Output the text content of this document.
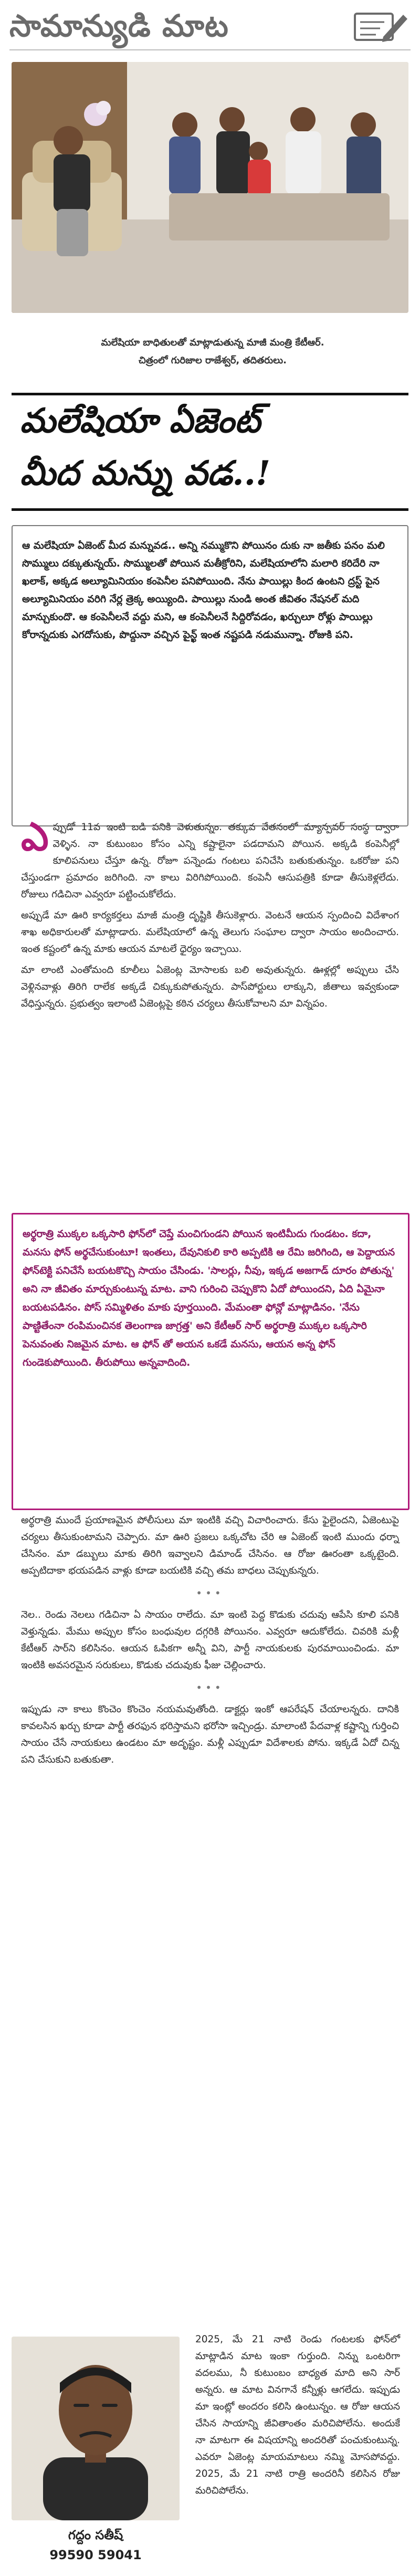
సామాన్యుడి మాట
మలేషియా బాధితులతో మాట్లాడుతున్న మాజీ మంత్రి కేటీఆర్.
చిత్రంలో గురిజాల రాజేశ్వర్, తదితరులు.
మలేషియా ఏజెంట్
మీద మన్ను వడ..!

ఆ మలేషియా ఏజెంట్ మీద మన్నువడ.. అన్ని నమ్ముకొని పోయినం దుకు నా జతీకు పనం మలి సొమ్ములు దక్కుతున్నయ్. సొమ్ములతో పోయిన మతీక్రోరిని, మలేషియాలోని మలారి కరిదేరి నా ఖలాక్, అక్కడ అల్యూమినియం కంపెనీల పనిపోయింది. నేను పాయిల్లు కింద ఉంటని ద్రస్ట్ పైన అల్యూమినియం వరిగి నేర్ల త్రెక్క అయ్యింది. పాయిల్లు నుండి అంత జీవితం నేషనల్ మది మాన్చుకుందొ. ఆ కంపెనీలనే వద్దు మని, ఆ కంపెనీలనే సిద్దిరోవడం, ఖర్చులూ రోళ్లు పాయిల్లు కోరాన్నదుకు ఎగదోసుకు, పొద్దునా వచ్చిన పైన్ఖ్ ఇంత నష్టపడి నడుమున్నా. రోజుకి పని.

ఎ ప్పుడో 11వ ఇంటి బడి పనికి వెళుతున్నం. తక్కువ వేతనంలో మ్యాన్పవర్ సంస్థ ద్వారా వెళ్ళిన. నా కుటుంబం కోసం ఎన్ని కష్టాలైనా పడదామని పోయిన. అక్కడి కంపెనీల్లో కూలిపనులు చేస్తూ ఉన్న. రోజూ పన్నెండు గంటలు పనిచేసి బతుకుతున్నం. ఒకరోజు పని చేస్తుండగా ప్రమాదం జరిగింది. నా కాలు విరిగిపోయింది. కంపెనీ ఆసుపత్రికి కూడా తీసుకెళ్లలేదు. రోజులు గడిచినా ఎవ్వరూ పట్టించుకోలేదు.

అప్పుడే మా ఊరి కార్యకర్తలు మాజీ మంత్రి దృష్టికి తీసుకెళ్లారు. వెంటనే ఆయన స్పందించి విదేశాంగ శాఖ అధికారులతో మాట్లాడారు. మలేషియాలో ఉన్న తెలుగు సంఘాల ద్వారా సాయం అందించారు. ఇంత కష్టంలో ఉన్న మాకు ఆయన మాటలే ధైర్యం ఇచ్చాయి.

మా లాంటి ఎంతోమంది కూలీలు ఏజెంట్ల మోసాలకు బలి అవుతున్నరు. ఊళ్లల్లో అప్పులు చేసి వెళ్లినవాళ్లు తిరిగి రాలేక అక్కడే చిక్కుకుపోతున్నరు. పాస్‌పోర్టులు లాక్కుని, జీతాలు ఇవ్వకుండా వేధిస్తున్నరు. ప్రభుత్వం ఇలాంటి ఏజెంట్లపై కఠిన చర్యలు తీసుకోవాలని మా విన్నపం.

అర్థరాత్రి ముక్కల ఒక్కసారి ఫోన్‌లో చెప్తే మంచిగుండని పోయిన ఇంటిమీదు గుండటం. కదా, మనసు ఫోన్ అర్థచేసుకుంటూ! ఇంతలు, దేవునికులి కారి అప్పటికి ఆ రేమి జరిగింది, ఆ పెద్దాయన ఫోన్‌టెక్టి పనిచేసే బయటకొచ్చి సాయం చేసిండు. 'సాలర్లు, నీవు, ఇక్కడ అజగాడ్ దూరం పోతున్న' అని నా జీవితం మార్చుకుంటున్న మాట. వాని గురించి చెప్పుకొని ఏదో పోయిందని, ఏది ఏమైనా బయటపడినం. పోస్‌ సమ్మిళితం మాకు పూర్తయింది. మేమంతా ఫోన్లో మాట్లాడినం. 'నేను పాణ్టితేంనా రంపిమంచినక తెలంగాణ జాగ్రత్త' అని కేటీఆర్ సార్ అర్థరాత్రి ముక్కల ఒక్కసారి పెనువంతు నిజమైన మాట. ఆ ఫోన్ తో అయన ఒకడే మనసు, ఆయన అన్న ఫోన్ గుండెకుపోయింది. తీరుపోయి అన్నవాదింది.

అర్థరాత్రి ముందే ప్రయాణమైన పోలీసులు మా ఇంటికి వచ్చి విచారించారు. కేసు ఫైలైందని, ఏజెంటుపై చర్యలు తీసుకుంటామని చెప్పారు. మా ఊరి ప్రజలు ఒక్కచోట చేరి ఆ ఏజెంట్ ఇంటి ముందు ధర్నా చేసినం. మా డబ్బులు మాకు తిరిగి ఇవ్వాలని డిమాండ్ చేసినం. ఆ రోజు ఊరంతా ఒక్కటైంది. అప్పటిదాకా భయపడిన వాళ్లు కూడా బయటికి వచ్చి తమ బాధలు చెప్పుకున్నరు.

•••

నెల.. రెండు నెలలు గడిచినా ఏ సాయం రాలేదు. మా ఇంటి పెద్ద కొడుకు చదువు ఆపేసి కూలి పనికి వెళ్తున్నడు. మేము అప్పుల కోసం బంధువుల దగ్గరికి పోయినం. ఎవ్వరూ ఆదుకోలేదు. చివరికి మళ్లీ కేటీఆర్ సార్‌ని కలిసినం. ఆయన ఓపికగా అన్నీ విని, పార్టీ నాయకులకు పురమాయించిండు. మా ఇంటికి అవసరమైన సరుకులు, కొడుకు చదువుకు ఫీజు చెల్లించారు.

•••

ఇప్పుడు నా కాలు కొంచెం కొంచెం నయమవుతోంది. డాక్టర్లు ఇంకో ఆపరేషన్ చేయాలన్నరు. దానికి కావలసిన ఖర్చు కూడా పార్టీ తరఫున భరిస్తామని భరోసా ఇచ్చిండ్రు. మాలాంటి పేదవాళ్ల కష్టాన్ని గుర్తించి సాయం చేసే నాయకులు ఉండటం మా అదృష్టం. మళ్లీ ఎప్పుడూ విదేశాలకు పోను. ఇక్కడే ఏదో చిన్న పని చేసుకుని బతుకుతా.

గద్దం సతీష్
99590 59041
2025, మే 21 నాటి రెండు గంటలకు ఫోన్‌లో మాట్లాడిన మాట ఇంకా గుర్తుంది. నిన్ను ఒంటరిగా వదలము, నీ కుటుంబం బాధ్యత మాది అని సార్ అన్నరు. ఆ మాట వినగానే కన్నీళ్లు ఆగలేదు. ఇప్పుడు మా ఇంట్లో అందరం కలిసి ఉంటున్నం. ఆ రోజు ఆయన చేసిన సాయాన్ని జీవితాంతం మరిచిపోలేను. అందుకే నా మాటగా ఈ విషయాన్ని అందరితో పంచుకుంటున్న. ఎవరూ ఏజెంట్ల మాయమాటలు నమ్మి మోసపోవద్దు. 2025, మే 21 నాటి రాత్రి అందరినీ కలిసిన రోజు మరిచిపోలేను.
